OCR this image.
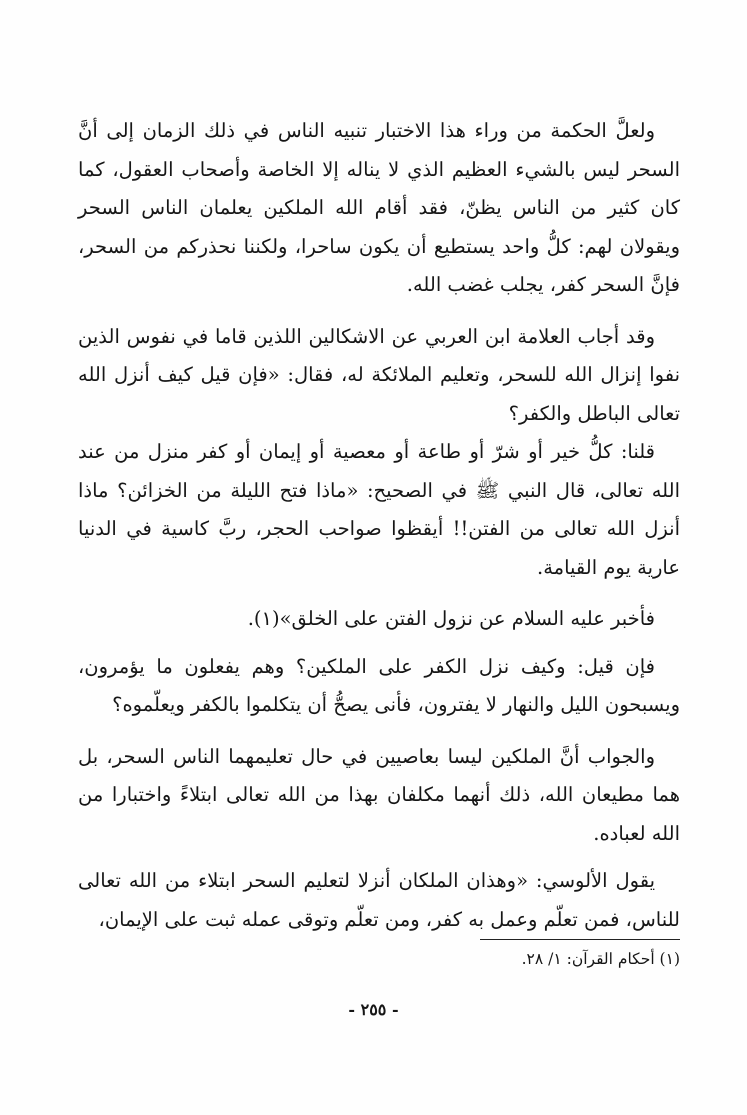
ولعلَّ الحكمة من وراء هذا الاختبار تنبيه الناس في ذلك الزمان إلى أنَّ السحر ليس بالشيء العظيم الذي لا يناله إلا الخاصة وأصحاب العقول، كما كان كثير من الناس يظنّ، فقد أقام الله الملكين يعلمان الناس السحر ويقولان لهم: كلُّ واحد يستطيع أن يكون ساحرا، ولكننا نحذركم من السحر، فإنَّ السحر كفر، يجلب غضب الله.

وقد أجاب العلامة ابن العربي عن الاشكالين اللذين قاما في نفوس الذين نفوا إنزال الله للسحر، وتعليم الملائكة له، فقال: «فإن قيل كيف أنزل الله تعالى الباطل والكفر؟

قلنا: كلُّ خير أو شرّ أو طاعة أو معصية أو إيمان أو كفر منزل من عند الله تعالى، قال النبي ﷺ في الصحيح: «ماذا فتح الليلة من الخزائن؟ ماذا أنزل الله تعالى من الفتن!! أيقظوا صواحب الحجر، ربَّ كاسية في الدنيا عارية يوم القيامة.

فأخبر عليه السلام عن نزول الفتن على الخلق»(١).

فإن قيل: وكيف نزل الكفر على الملكين؟ وهم يفعلون ما يؤمرون، ويسبحون الليل والنهار لا يفترون، فأنى يصحُّ أن يتكلموا بالكفر ويعلّموه؟

والجواب أنَّ الملكين ليسا بعاصيين في حال تعليمهما الناس السحر، بل هما مطيعان الله، ذلك أنهما مكلفان بهذا من الله تعالى ابتلاءً واختبارا من الله لعباده.

يقول الألوسي: «وهذان الملكان أنزلا لتعليم السحر ابتلاء من الله تعالى للناس، فمن تعلّم وعمل به كفر، ومن تعلّم وتوقى عمله ثبت على الإيمان،

(١) أحكام القرآن: ١/ ٢٨.
- ٢٥٥ -
